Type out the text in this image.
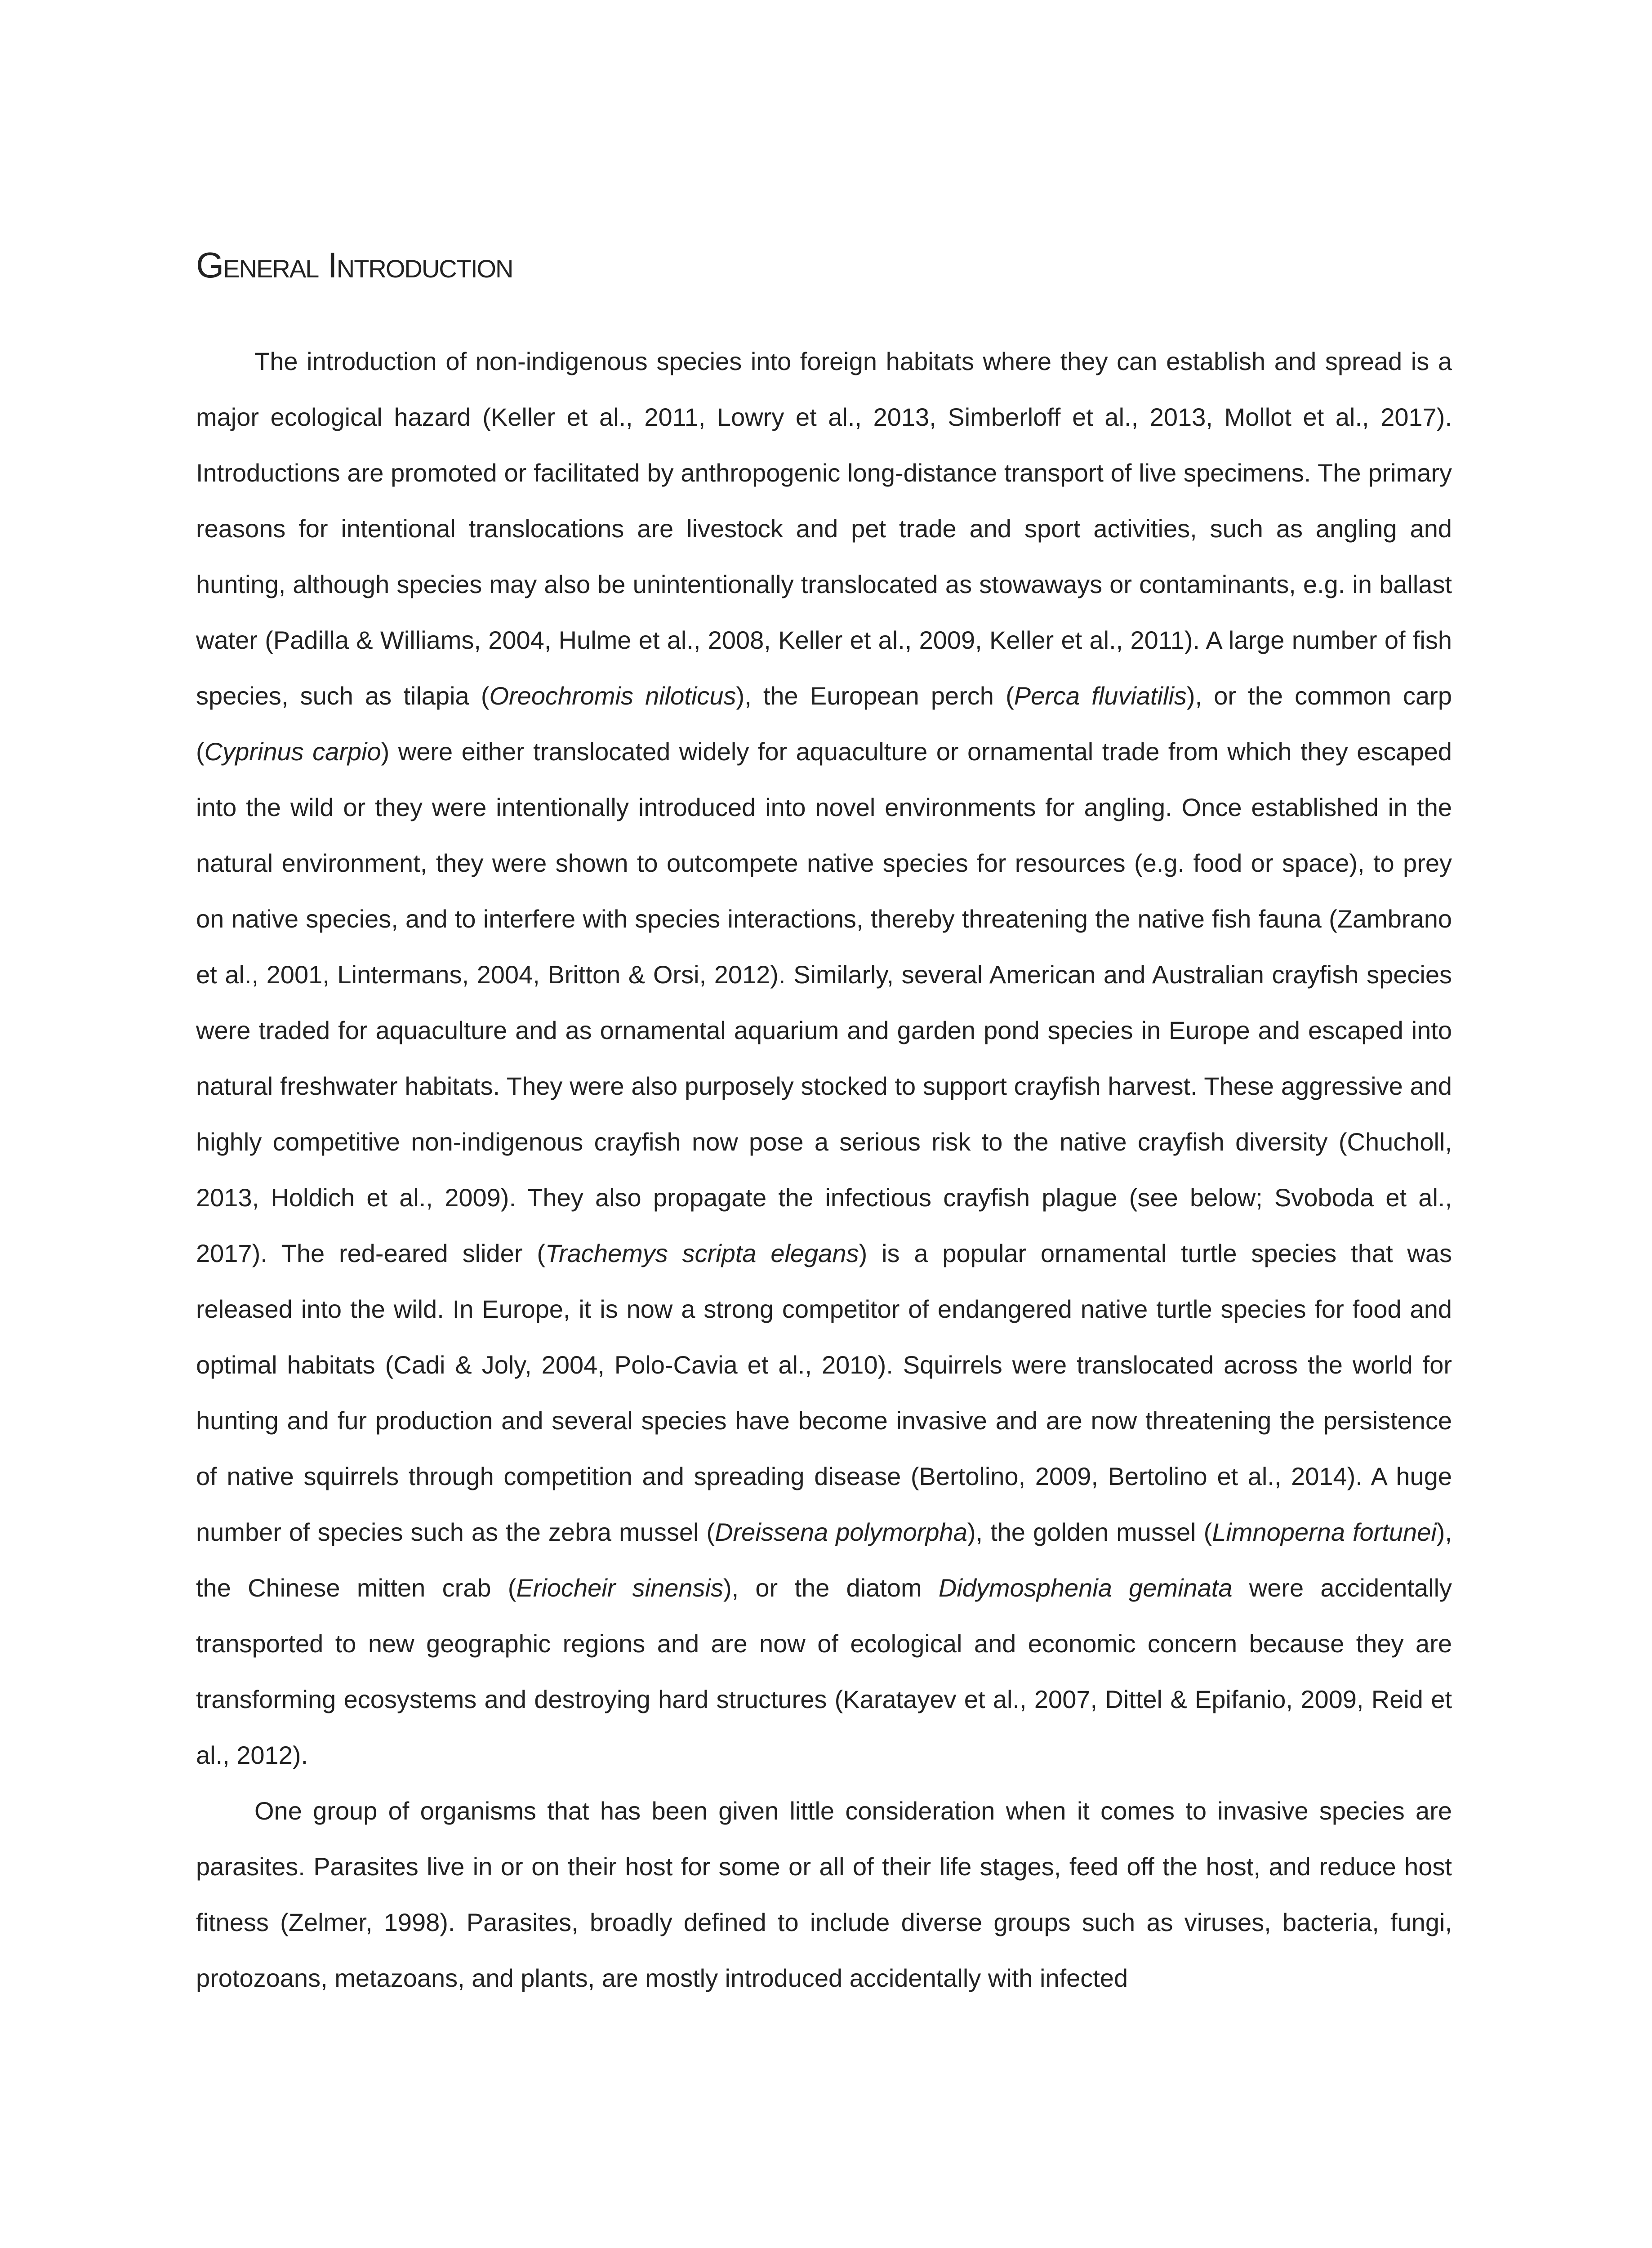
General Introduction

The introduction of non-indigenous species into foreign habitats where they can establish and spread is a major ecological hazard (Keller et al., 2011, Lowry et al., 2013, Simberloff et al., 2013, Mollot et al., 2017). Introductions are promoted or facilitated by anthropogenic long-distance transport of live specimens. The primary reasons for intentional translocations are livestock and pet trade and sport activities, such as angling and hunting, although species may also be unintentionally translocated as stowaways or contaminants, e.g. in ballast water (Padilla & Williams, 2004, Hulme et al., 2008, Keller et al., 2009, Keller et al., 2011). A large number of fish species, such as tilapia (Oreochromis niloticus), the European perch (Perca fluviatilis), or the common carp (Cyprinus carpio) were either translocated widely for aquaculture or ornamental trade from which they escaped into the wild or they were intentionally introduced into novel environments for angling. Once established in the natural environment, they were shown to outcompete native species for resources (e.g. food or space), to prey on native species, and to interfere with species interactions, thereby threatening the native fish fauna (Zambrano et al., 2001, Lintermans, 2004, Britton & Orsi, 2012). Similarly, several American and Australian crayfish species were traded for aquaculture and as ornamental aquarium and garden pond species in Europe and escaped into natural freshwater habitats. They were also purposely stocked to support crayfish harvest. These aggressive and highly competitive non-indigenous crayfish now pose a serious risk to the native crayfish diversity (Chucholl, 2013, Holdich et al., 2009). They also propagate the infectious crayfish plague (see below; Svoboda et al., 2017). The red-eared slider (Trachemys scripta elegans) is a popular ornamental turtle species that was released into the wild. In Europe, it is now a strong competitor of endangered native turtle species for food and optimal habitats (Cadi & Joly, 2004, Polo-Cavia et al., 2010). Squirrels were translocated across the world for hunting and fur production and several species have become invasive and are now threatening the persistence of native squirrels through competition and spreading disease (Bertolino, 2009, Bertolino et al., 2014). A huge number of species such as the zebra mussel (Dreissena polymorpha), the golden mussel (Limnoperna fortunei), the Chinese mitten crab (Eriocheir sinensis), or the diatom Didymosphenia geminata were accidentally transported to new geographic regions and are now of ecological and economic concern because they are transforming ecosystems and destroying hard structures (Karatayev et al., 2007, Dittel & Epifanio, 2009, Reid et al., 2012).

One group of organisms that has been given little consideration when it comes to invasive species are parasites. Parasites live in or on their host for some or all of their life stages, feed off the host, and reduce host fitness (Zelmer, 1998). Parasites, broadly defined to include diverse groups such as viruses, bacteria, fungi, protozoans, metazoans, and plants, are mostly introduced accidentally with infected
